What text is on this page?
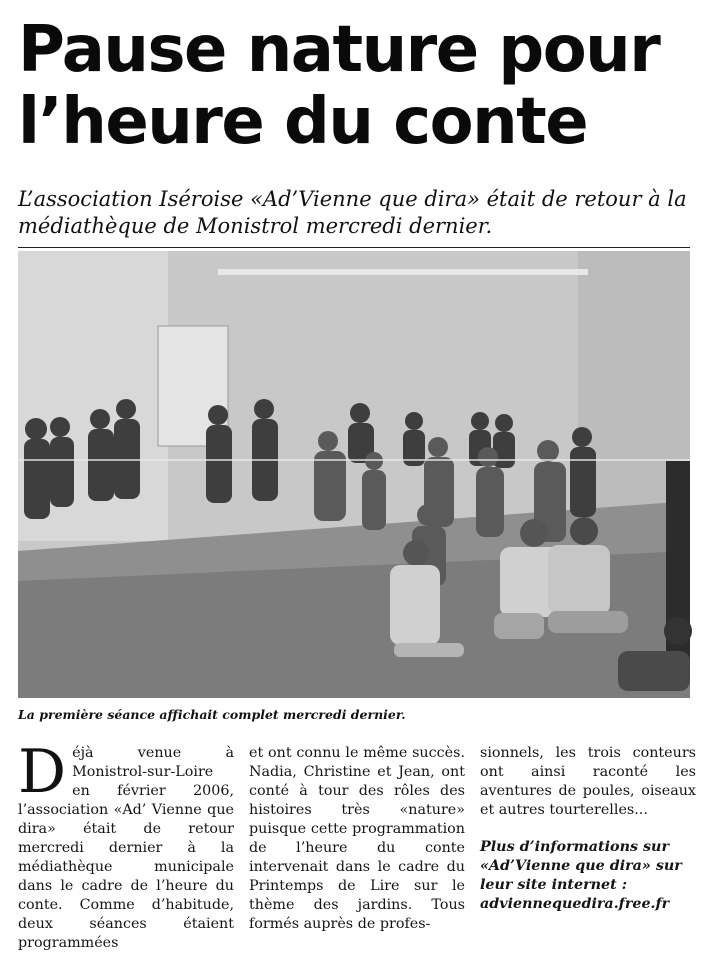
Pause nature pour
l’heure du conte

L’association Iséroise «Ad’Vienne que dira» était de retour à la médiathèque de Monistrol mercredi dernier.

La première séance affichait complet mercredi dernier.

D éjà venue à Monistrol-sur-Loire en février 2006, l’association «Ad’ Vienne que dira» était de retour mercredi dernier à la médiathèque municipale dans le cadre de l’heure du conte. Comme d’habitude, deux séances étaient programmées

et ont connu le même succès. Nadia, Christine et Jean, ont conté à tour des rôles des histoires très «nature» puisque cette programmation de l’heure du conte intervenait dans le cadre du Printemps de Lire sur le thème des jardins. Tous formés auprès de profes-

sionnels, les trois conteurs ont ainsi raconté les aventures de poules, oiseaux et autres tourterelles...

Plus d’informations sur
«Ad’Vienne que dira» sur
leur site internet :
adviennequedira.free.fr
